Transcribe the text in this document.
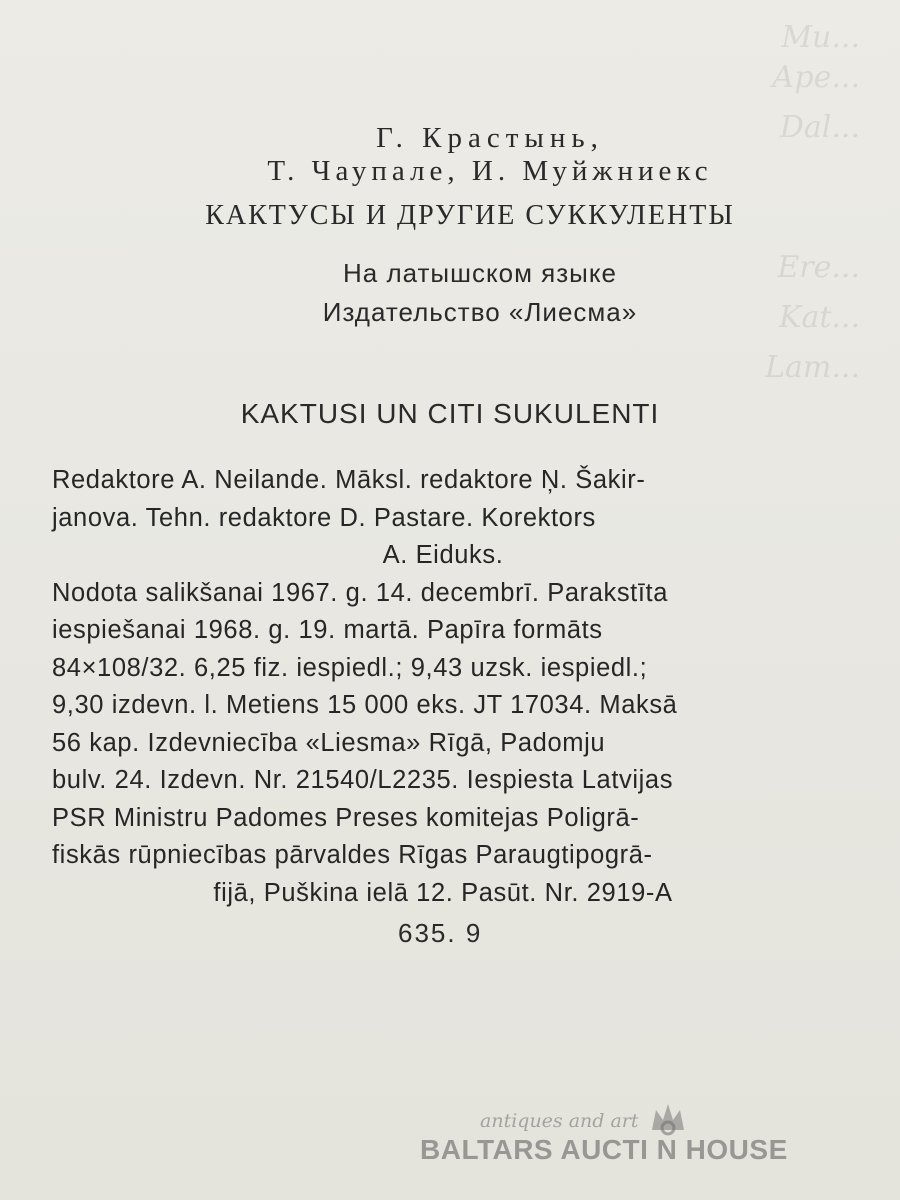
Ми...
Аре...
Dal...
Ere...
Kat...
Lam...
Г. Крастынь,
Т. Чаупале, И. Муйжниекс
КАКТУСЫ И ДРУГИЕ СУККУЛЕНТЫ
На латышском языке
Издательство «Лиесма»
KAKTUSI UN CITI SUKULENTI

Redaktore A. Neilande. Māksl. redaktore Ņ. Šakir-

janova. Tehn. redaktore D. Pastare. Korektors

A. Eiduks.

Nodota salikšanai 1967. g. 14. decembrī. Parakstīta

iespiešanai 1968. g. 19. martā. Papīra formāts

84×108/32. 6,25 fiz. iespiedl.; 9,43 uzsk. iespiedl.;

9,30 izdevn. l. Metiens 15 000 eks. JT 17034. Maksā

56 kap. Izdevniecība «Liesma» Rīgā, Padomju

bulv. 24. Izdevn. Nr. 21540/L2235. Iespiesta Latvijas

PSR Ministru Padomes Preses komitejas Poligrā-

fiskās rūpniecības pārvaldes Rīgas Paraugtipogrā-

fijā, Puškina ielā 12. Pasūt. Nr. 2919-A

635. 9
antiques and art
BALTARS AUCTI N HOUSE
